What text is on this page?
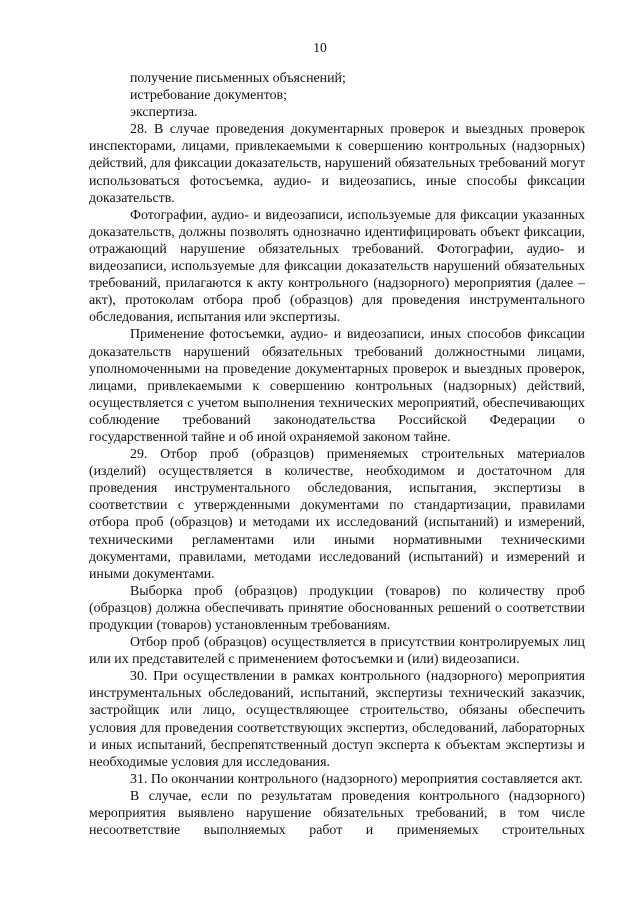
10

получение письменных объяснений;

истребование документов;

экспертиза.

28. В случае проведения документарных проверок и выездных проверок инспекторами, лицами, привлекаемыми к совершению контрольных (надзорных) действий, для фиксации доказательств, нарушений обязательных требований могут использоваться фотосъемка, аудио- и видеозапись, иные способы фиксации доказательств.

Фотографии, аудио- и видеозаписи, используемые для фиксации указанных доказательств, должны позволять однозначно идентифицировать объект фиксации, отражающий нарушение обязательных требований. Фотографии, аудио- и видеозаписи, используемые для фиксации доказательств нарушений обязательных требований, прилагаются к акту контрольного (надзорного) мероприятия (далее – акт), протоколам отбора проб (образцов) для проведения инструментального обследования, испытания или экспертизы.

Применение фотосъемки, аудио- и видеозаписи, иных способов фиксации доказательств нарушений обязательных требований должностными лицами, уполномоченными на проведение документарных проверок и выездных проверок, лицами, привлекаемыми к совершению контрольных (надзорных) действий, осуществляется с учетом выполнения технических мероприятий, обеспечивающих соблюдение требований законодательства Российской Федерации о государственной тайне и об иной охраняемой законом тайне.

29. Отбор проб (образцов) применяемых строительных материалов (изделий) осуществляется в количестве, необходимом и достаточном для проведения инструментального обследования, испытания, экспертизы в соответствии с утвержденными документами по стандартизации, правилами отбора проб (образцов) и методами их исследований (испытаний) и измерений, техническими регламентами или иными нормативными техническими документами, правилами, методами исследований (испытаний) и измерений и иными документами.

Выборка проб (образцов) продукции (товаров) по количеству проб (образцов) должна обеспечивать принятие обоснованных решений о соответствии продукции (товаров) установленным требованиям.

Отбор проб (образцов) осуществляется в присутствии контролируемых лиц или их представителей с применением фотосъемки и (или) видеозаписи.

30. При осуществлении в рамках контрольного (надзорного) мероприятия инструментальных обследований, испытаний, экспертизы технический заказчик, застройщик или лицо, осуществляющее строительство, обязаны обеспечить условия для проведения соответствующих экспертиз, обследований, лабораторных и иных испытаний, беспрепятственный доступ эксперта к объектам экспертизы и необходимые условия для исследования.

31. По окончании контрольного (надзорного) мероприятия составляется акт.

В случае, если по результатам проведения контрольного (надзорного) мероприятия выявлено нарушение обязательных требований, в том числе несоответствие выполняемых работ и применяемых строительных
